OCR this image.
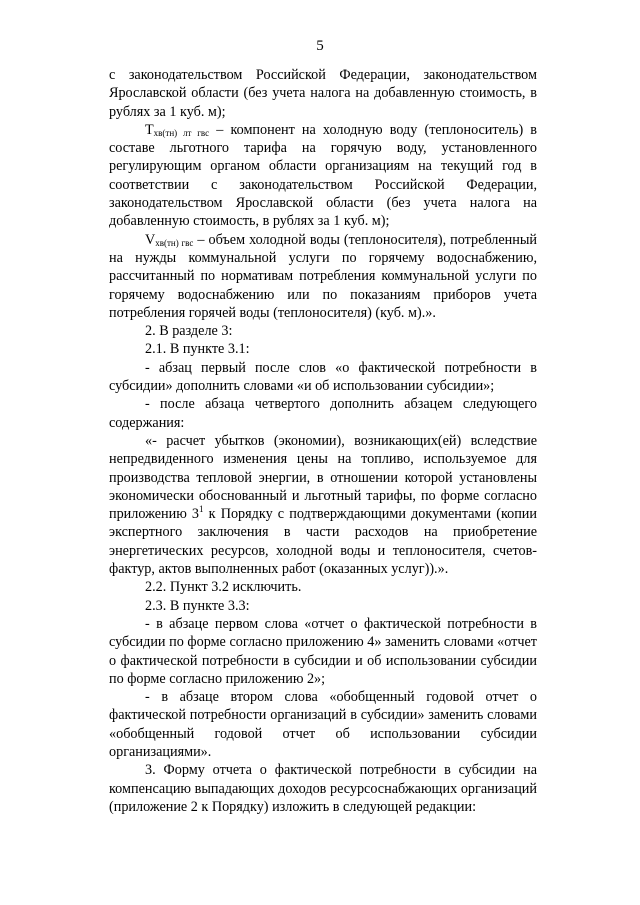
5

с законодательством Российской Федерации, законодательством Ярославской области (без учета налога на добавленную стоимость, в рублях за 1 куб. м);

$Т_{хв(тн) лт гвс}$ – компонент на холодную воду (теплоноситель) в составе льготного тарифа на горячую воду, установленного регулирующим органом области организациям на текущий год в соответствии с законодательством Российской Федерации, законодательством Ярославской области (без учета налога на добавленную стоимость, в рублях за 1 куб. м);

$V_{хв(тн) гвс}$ – объем холодной воды (теплоносителя), потребленный на нужды коммунальной услуги по горячему водоснабжению, рассчитанный по нормативам потребления коммунальной услуги по горячему водоснабжению или по показаниям приборов учета потребления горячей воды (теплоносителя) (куб. м).».

2. В разделе 3:

2.1. В пункте 3.1:

- абзац первый после слов «о фактической потребности в субсидии» дополнить словами «и об использовании субсидии»;

- после абзаца четвертого дополнить абзацем следующего содержания:

«- расчет убытков (экономии), возникающих(ей) вследствие непредвиденного изменения цены на топливо, используемое для производства тепловой энергии, в отношении которой установлены экономически обоснованный и льготный тарифы, по форме согласно приложению $3^1$ к Порядку с подтверждающими документами (копии экспертного заключения в части расходов на приобретение энергетических ресурсов, холодной воды и теплоносителя, счетов-фактур, актов выполненных работ (оказанных услуг)).».

2.2. Пункт 3.2 исключить.

2.3. В пункте 3.3:

- в абзаце первом слова «отчет о фактической потребности в субсидии по форме согласно приложению 4» заменить словами «отчет о фактической потребности в субсидии и об использовании субсидии по форме согласно приложению 2»;

- в абзаце втором слова «обобщенный годовой отчет о фактической потребности организаций в субсидии» заменить словами «обобщенный годовой отчет об использовании субсидии организациями».

3. Форму отчета о фактической потребности в субсидии на компенсацию выпадающих доходов ресурсоснабжающих организаций (приложение 2 к Порядку) изложить в следующей редакции:
